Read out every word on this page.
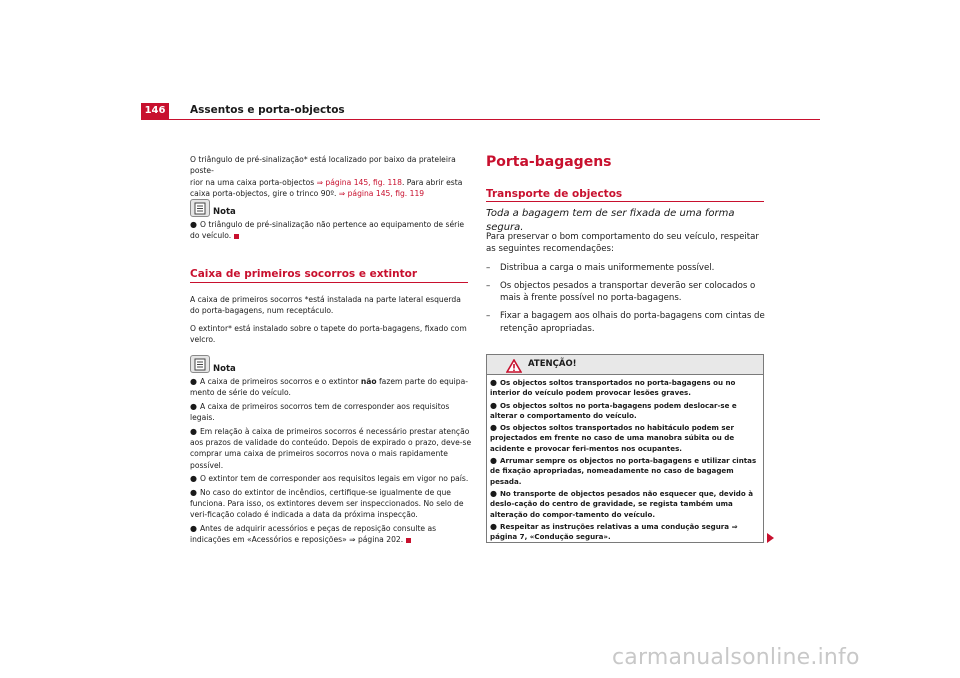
146	Assentos e porta-objectos

O triângulo de pré-sinalização* está localizado por baixo da prateleira poste-

rior na uma caixa porta-objectos ⇒ página 145, fig. 118. Para abrir esta

caixa porta-objectos, gire o trinco 90º. ⇒ página 145, fig. 119

Nota

● O triângulo de pré-sinalização não pertence ao equipamento de série do veículo.

Caixa de primeiros socorros e extintor

A caixa de primeiros socorros *está instalada na parte lateral esquerda do porta-bagagens, num receptáculo.

O extintor* está instalado sobre o tapete do porta-bagagens, fixado com velcro.

Nota

● A caixa de primeiros socorros e o extintor não fazem parte do equipa-
mento de série do veículo.

● A caixa de primeiros socorros tem de corresponder aos requisitos legais.

● Em relação à caixa de primeiros socorros é necessário prestar atenção aos prazos de validade do conteúdo. Depois de expirado o prazo, deve-se comprar uma caixa de primeiros socorros nova o mais rapidamente possível.

● O extintor tem de corresponder aos requisitos legais em vigor no país.

● No caso do extintor de incêndios, certifique-se igualmente de que funciona. Para isso, os extintores devem ser inspeccionados. No selo de veri-ficação colado é indicada a data da próxima inspecção.

● Antes de adquirir acessórios e peças de reposição consulte as indicações em «Acessórios e reposições» ⇒ página 202.

Porta-bagagens
Transporte de objectos
Toda a bagagem tem de ser fixada de uma forma segura.

Para preservar o bom comportamento do seu veículo, respeitar as seguintes recomendações:

– Distribua a carga o mais uniformemente possível.

– Os objectos pesados a transportar deverão ser colocados o mais à frente possível no porta-bagagens.

– Fixar a bagagem aos olhais do porta-bagagens com cintas de retenção apropriadas.

ATENÇÃO!

● Os objectos soltos transportados no porta-bagagens ou no interior do veículo podem provocar lesões graves.

● Os objectos soltos no porta-bagagens podem deslocar-se e alterar o comportamento do veículo.

● Os objectos soltos transportados no habitáculo podem ser projectados em frente no caso de uma manobra súbita ou de acidente e provocar feri-mentos nos ocupantes.

● Arrumar sempre os objectos no porta-bagagens e utilizar cintas de fixação apropriadas, nomeadamente no caso de bagagem pesada.

● No transporte de objectos pesados não esquecer que, devido à deslo-cação do centro de gravidade, se regista também uma alteração do compor-tamento do veículo.

● Respeitar as instruções relativas a uma condução segura ⇒ página 7, «Condução segura».

carmanualsonline.info
